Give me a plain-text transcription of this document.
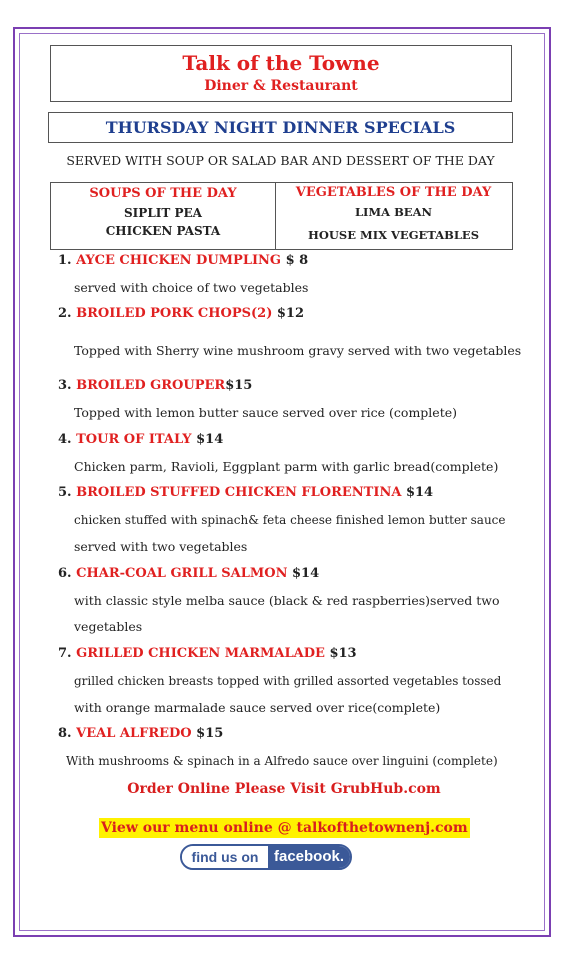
Talk of the Towne
Diner & Restaurant
THURSDAY NIGHT DINNER SPECIALS
SERVED WITH SOUP OR SALAD BAR AND DESSERT OF THE DAY
SOUPS OF THE DAY
SIPLIT PEA
CHICKEN PASTA
VEGETABLES OF THE DAY
LIMA BEAN
HOUSE MIX VEGETABLES
1. AYCE CHICKEN DUMPLING $ 8
served with choice of two vegetables
2. BROILED PORK CHOPS(2) $12
Topped with Sherry wine mushroom gravy served with two vegetables
3. BROILED GROUPER$15
Topped with lemon butter sauce served over rice (complete)
4. TOUR OF ITALY $14
Chicken parm, Ravioli, Eggplant parm with garlic bread(complete)
5. BROILED STUFFED CHICKEN FLORENTINA $14
chicken stuffed with spinach& feta cheese finished lemon butter sauce
served with two vegetables
6. CHAR-COAL GRILL SALMON $14
with classic style melba sauce (black & red raspberries)served two
vegetables
7. GRILLED CHICKEN MARMALADE $13
grilled chicken breasts topped with grilled assorted vegetables tossed
with orange marmalade sauce served over rice(complete)
8. VEAL ALFREDO $15
With mushrooms & spinach in a Alfredo sauce over linguini (complete)
Order Online Please Visit GrubHub.com
View our menu online @ talkofthetownenj.com
find us on	facebook.
